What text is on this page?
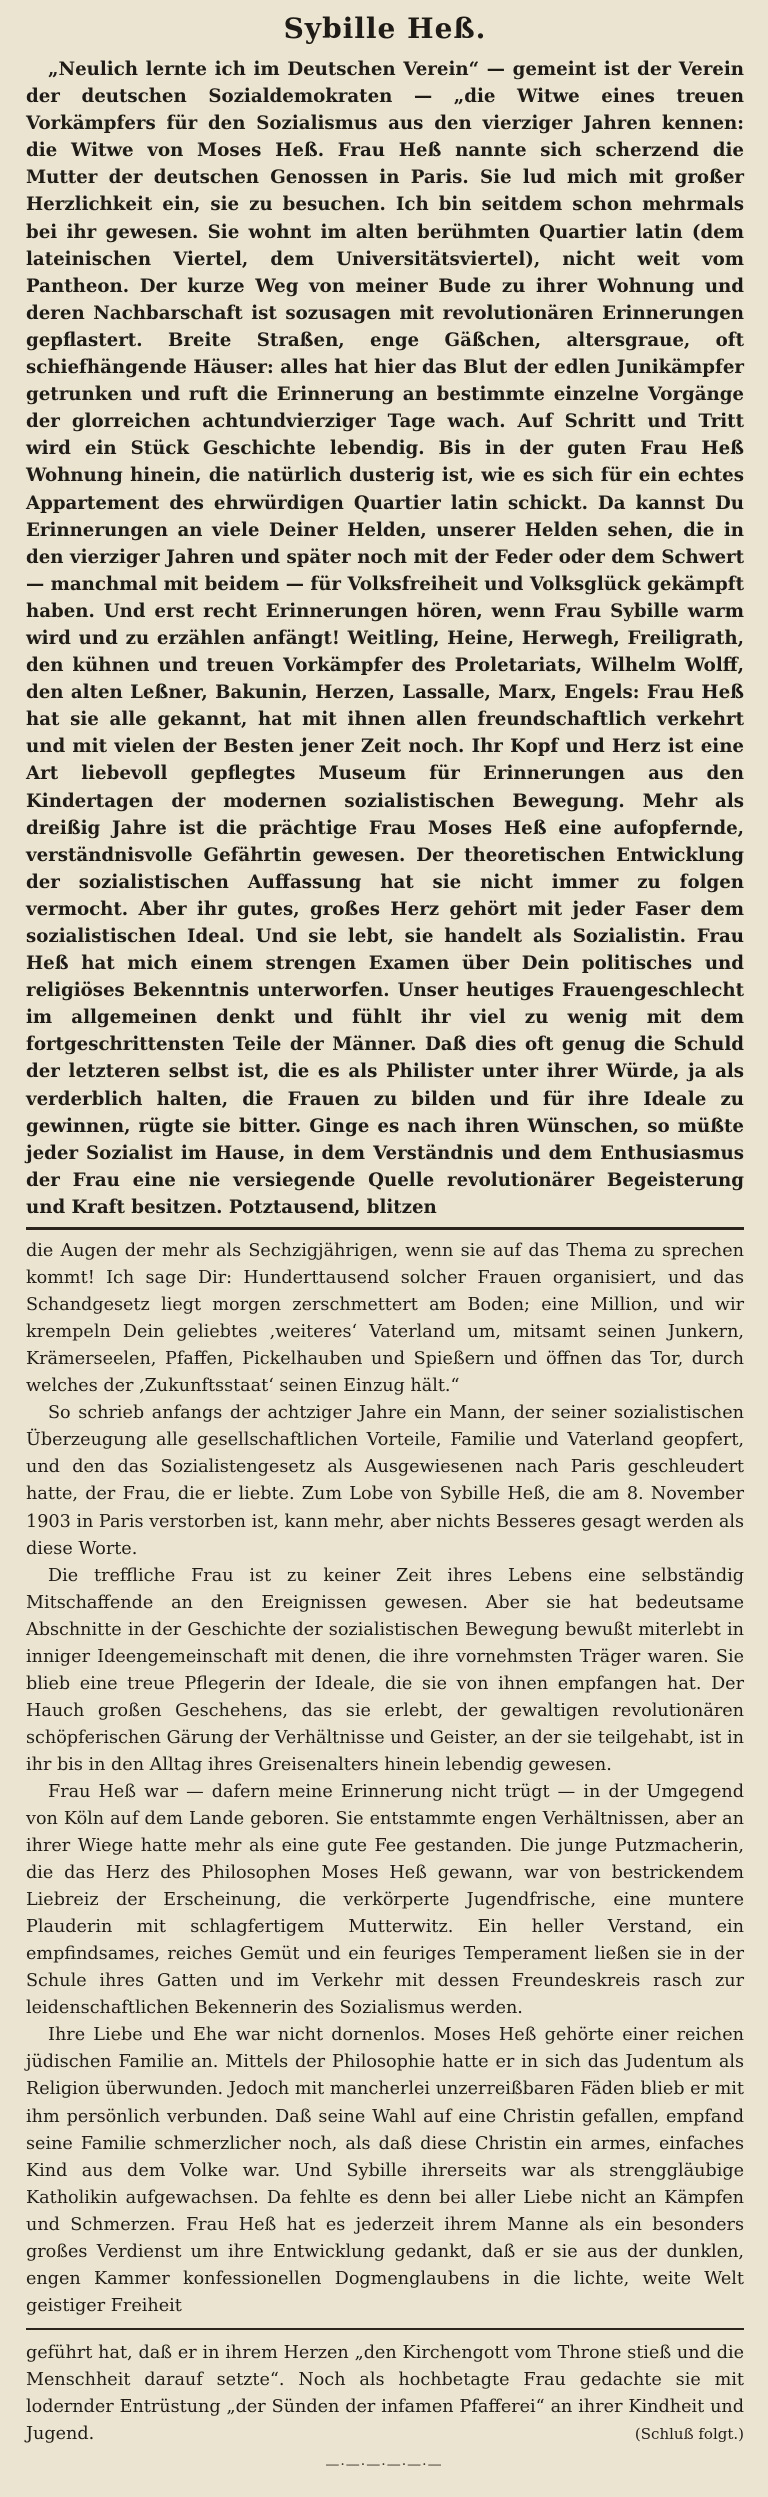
Sybille Heß.

„Neulich lernte ich im Deutschen Verein“ — gemeint ist der Verein der deutschen Sozialdemokraten — „die Witwe eines treuen Vorkämpfers für den Sozialismus aus den vierziger Jahren kennen: die Witwe von Moses Heß. Frau Heß nannte sich scherzend die Mutter der deutschen Genossen in Paris. Sie lud mich mit großer Herzlichkeit ein, sie zu besuchen. Ich bin seitdem schon mehrmals bei ihr gewesen. Sie wohnt im alten berühmten Quartier latin (dem lateinischen Viertel, dem Universitätsviertel), nicht weit vom Pantheon. Der kurze Weg von meiner Bude zu ihrer Wohnung und deren Nachbarschaft ist sozusagen mit revolutionären Erinnerungen gepflastert. Breite Straßen, enge Gäßchen, altersgraue, oft schiefhängende Häuser: alles hat hier das Blut der edlen Junikämpfer getrunken und ruft die Erinnerung an bestimmte einzelne Vorgänge der glorreichen achtundvierziger Tage wach. Auf Schritt und Tritt wird ein Stück Geschichte lebendig. Bis in der guten Frau Heß Wohnung hinein, die natürlich dusterig ist, wie es sich für ein echtes Appartement des ehrwürdigen Quartier latin schickt. Da kannst Du Erinnerungen an viele Deiner Helden, unserer Helden sehen, die in den vierziger Jahren und später noch mit der Feder oder dem Schwert — manchmal mit beidem — für Volksfreiheit und Volksglück gekämpft haben. Und erst recht Erinnerungen hören, wenn Frau Sybille warm wird und zu erzählen anfängt! Weitling, Heine, Herwegh, Freiligrath, den kühnen und treuen Vorkämpfer des Proletariats, Wilhelm Wolff, den alten Leßner, Bakunin, Herzen, Lassalle, Marx, Engels: Frau Heß hat sie alle gekannt, hat mit ihnen allen freundschaftlich verkehrt und mit vielen der Besten jener Zeit noch. Ihr Kopf und Herz ist eine Art liebevoll gepflegtes Museum für Erinnerungen aus den Kindertagen der modernen sozialistischen Bewegung. Mehr als dreißig Jahre ist die prächtige Frau Moses Heß eine aufopfernde, verständnisvolle Gefährtin gewesen. Der theoretischen Entwicklung der sozialistischen Auffassung hat sie nicht immer zu folgen vermocht. Aber ihr gutes, großes Herz gehört mit jeder Faser dem sozialistischen Ideal. Und sie lebt, sie handelt als Sozialistin. Frau Heß hat mich einem strengen Examen über Dein politisches und religiöses Bekenntnis unterworfen. Unser heutiges Frauengeschlecht im allgemeinen denkt und fühlt ihr viel zu wenig mit dem fortgeschrittensten Teile der Männer. Daß dies oft genug die Schuld der letzteren selbst ist, die es als Philister unter ihrer Würde, ja als verderblich halten, die Frauen zu bilden und für ihre Ideale zu gewinnen, rügte sie bitter. Ginge es nach ihren Wünschen, so müßte jeder Sozialist im Hause, in dem Verständnis und dem Enthusiasmus der Frau eine nie versiegende Quelle revolutionärer Begeisterung und Kraft besitzen. Potztausend, blitzen

die Augen der mehr als Sechzigjährigen, wenn sie auf das Thema zu sprechen kommt! Ich sage Dir: Hunderttausend solcher Frauen organisiert, und das Schandgesetz liegt morgen zerschmettert am Boden; eine Million, und wir krempeln Dein geliebtes ‚weiteres‘ Vaterland um, mitsamt seinen Junkern, Krämerseelen, Pfaffen, Pickelhauben und Spießern und öffnen das Tor, durch welches der ‚Zukunftsstaat‘ seinen Einzug hält.“

So schrieb anfangs der achtziger Jahre ein Mann, der seiner sozialistischen Überzeugung alle gesellschaftlichen Vorteile, Familie und Vaterland geopfert, und den das Sozialistengesetz als Ausgewiesenen nach Paris geschleudert hatte, der Frau, die er liebte. Zum Lobe von Sybille Heß, die am 8. November 1903 in Paris verstorben ist, kann mehr, aber nichts Besseres gesagt werden als diese Worte.

Die treffliche Frau ist zu keiner Zeit ihres Lebens eine selbständig Mitschaffende an den Ereignissen gewesen. Aber sie hat bedeutsame Abschnitte in der Geschichte der sozialistischen Bewegung bewußt miterlebt in inniger Ideengemeinschaft mit denen, die ihre vornehmsten Träger waren. Sie blieb eine treue Pflegerin der Ideale, die sie von ihnen empfangen hat. Der Hauch großen Geschehens, das sie erlebt, der gewaltigen revolutionären schöpferischen Gärung der Verhältnisse und Geister, an der sie teilgehabt, ist in ihr bis in den Alltag ihres Greisenalters hinein lebendig gewesen.

Frau Heß war — dafern meine Erinnerung nicht trügt — in der Umgegend von Köln auf dem Lande geboren. Sie entstammte engen Verhältnissen, aber an ihrer Wiege hatte mehr als eine gute Fee gestanden. Die junge Putzmacherin, die das Herz des Philosophen Moses Heß gewann, war von bestrickendem Liebreiz der Erscheinung, die verkörperte Jugendfrische, eine muntere Plauderin mit schlagfertigem Mutterwitz. Ein heller Verstand, ein empfindsames, reiches Gemüt und ein feuriges Temperament ließen sie in der Schule ihres Gatten und im Verkehr mit dessen Freundeskreis rasch zur leidenschaftlichen Bekennerin des Sozialismus werden.

Ihre Liebe und Ehe war nicht dornenlos. Moses Heß gehörte einer reichen jüdischen Familie an. Mittels der Philosophie hatte er in sich das Judentum als Religion überwunden. Jedoch mit mancherlei unzerreißbaren Fäden blieb er mit ihm persönlich verbunden. Daß seine Wahl auf eine Christin gefallen, empfand seine Familie schmerzlicher noch, als daß diese Christin ein armes, einfaches Kind aus dem Volke war. Und Sybille ihrerseits war als strenggläubige Katholikin aufgewachsen. Da fehlte es denn bei aller Liebe nicht an Kämpfen und Schmerzen. Frau Heß hat es jederzeit ihrem Manne als ein besonders großes Verdienst um ihre Entwicklung gedankt, daß er sie aus der dunklen, engen Kammer konfessionellen Dogmenglaubens in die lichte, weite Welt geistiger Freiheit

geführt hat, daß er in ihrem Herzen „den Kirchengott vom Throne stieß und die Menschheit darauf setzte“. Noch als hochbetagte Frau gedachte sie mit lodernder Entrüstung „der Sünden der infamen Pfafferei“ an ihrer Kindheit und Jugend.	(Schluß folgt.)

—·—·—·—·—·—
